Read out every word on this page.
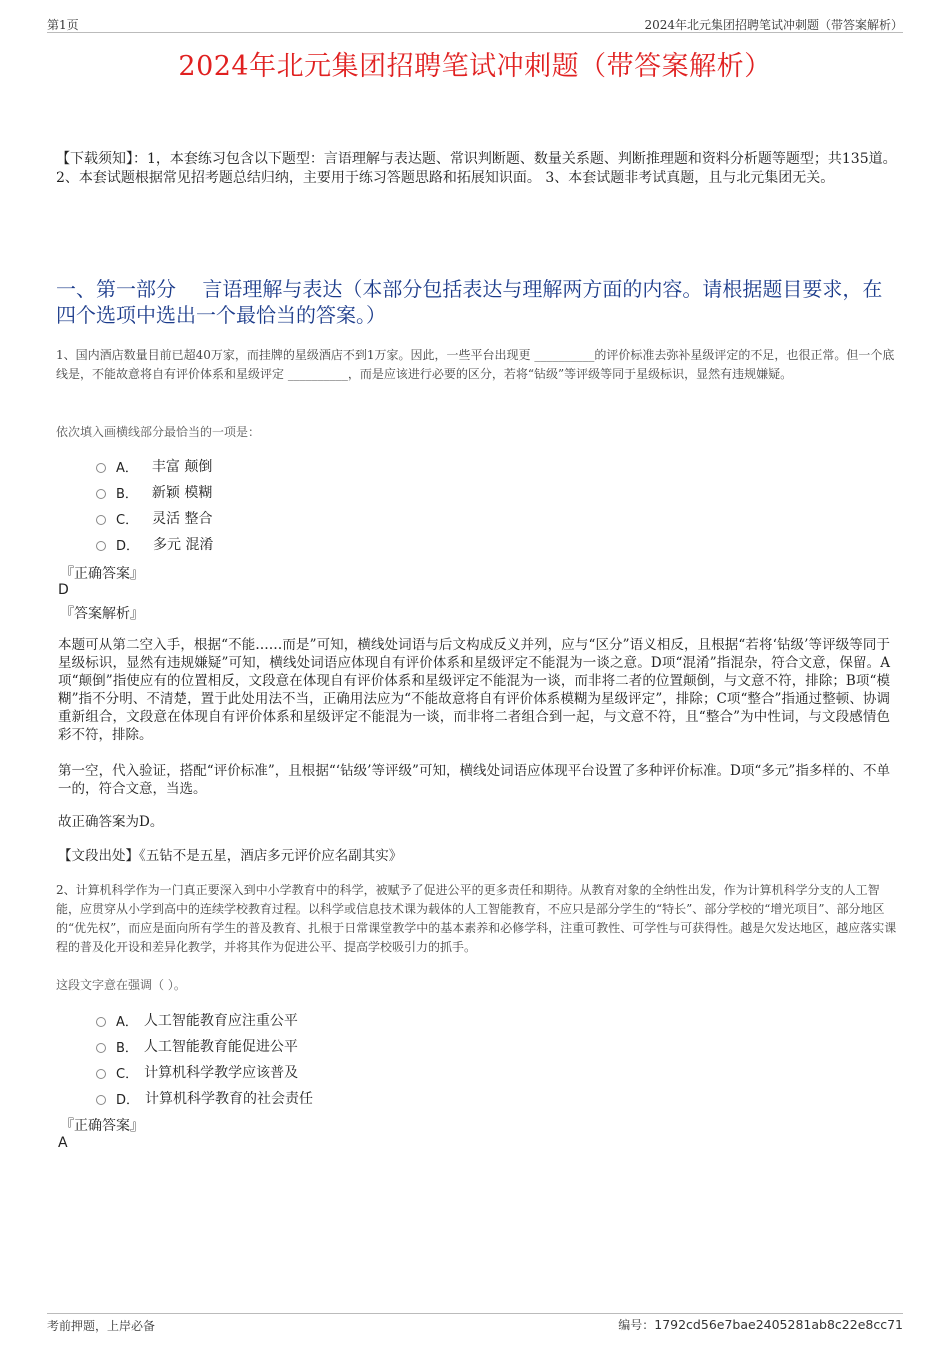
第1页	2024年北元集团招聘笔试冲刺题（带答案解析）
2024年北元集团招聘笔试冲刺题（带答案解析）
【下载须知】：1，本套练习包含以下题型：言语理解与表达题、常识判断题、数量关系题、判断推理题和资料分析题等题型；共135道。 2、本套试题根据常见招考题总结归纳，主要用于练习答题思路和拓展知识面。 3、本套试题非考试真题，且与北元集团无关。
一、第一部分　 言语理解与表达（本部分包括表达与理解两方面的内容。请根据题目要求，在四个选项中选出一个最恰当的答案。）
1、国内酒店数量目前已超40万家，而挂牌的星级酒店不到1万家。因此，一些平台出现更 __________的评价标准去弥补星级评定的不足，也很正常。但一个底线是，不能故意将自有评价体系和星级评定 __________，而是应该进行必要的区分，若将“钻级”等评级等同于星级标识，显然有违规嫌疑。
依次填入画横线部分最恰当的一项是：
A． 丰富 颠倒
B． 新颖 模糊
C． 灵活 整合
D． 多元 混淆
『正确答案』
D
『答案解析』
本题可从第二空入手，根据“不能……而是”可知，横线处词语与后文构成反义并列，应与“区分”语义相反，且根据“若将‘钻级’等评级等同于星级标识，显然有违规嫌疑”可知，横线处词语应体现自有评价体系和星级评定不能混为一谈之意。D项“混淆”指混杂，符合文意，保留。A项“颠倒”指使应有的位置相反，文段意在体现自有评价体系和星级评定不能混为一谈，而非将二者的位置颠倒，与文意不符，排除；B项“模糊”指不分明、不清楚，置于此处用法不当，正确用法应为“不能故意将自有评价体系模糊为星级评定”，排除；C项“整合”指通过整顿、协调重新组合，文段意在体现自有评价体系和星级评定不能混为一谈，而非将二者组合到一起，与文意不符，且“整合”为中性词，与文段感情色彩不符，排除。
第一空，代入验证，搭配“评价标准”，且根据“‘钻级’等评级”可知，横线处词语应体现平台设置了多种评价标准。D项“多元”指多样的、不单一的，符合文意，当选。
故正确答案为D。
【文段出处】《五钻不是五星，酒店多元评价应名副其实》
2、计算机科学作为一门真正要深入到中小学教育中的科学，被赋予了促进公平的更多责任和期待。从教育对象的全纳性出发，作为计算机科学分支的人工智能，应贯穿从小学到高中的连续学校教育过程。以科学或信息技术课为载体的人工智能教育，不应只是部分学生的“特长”、部分学校的“增光项目”、部分地区的“优先权”，而应是面向所有学生的普及教育、扎根于日常课堂教学中的基本素养和必修学科，注重可教性、可学性与可获得性。越是欠发达地区，越应落实课程的普及化开设和差异化教学，并将其作为促进公平、提高学校吸引力的抓手。
这段文字意在强调（ ）。
A． 人工智能教育应注重公平
B． 人工智能教育能促进公平
C． 计算机科学教学应该普及
D． 计算机科学教育的社会责任
『正确答案』
A
考前押题，上岸必备	编号：1792cd56e7bae2405281ab8c22e8cc71
